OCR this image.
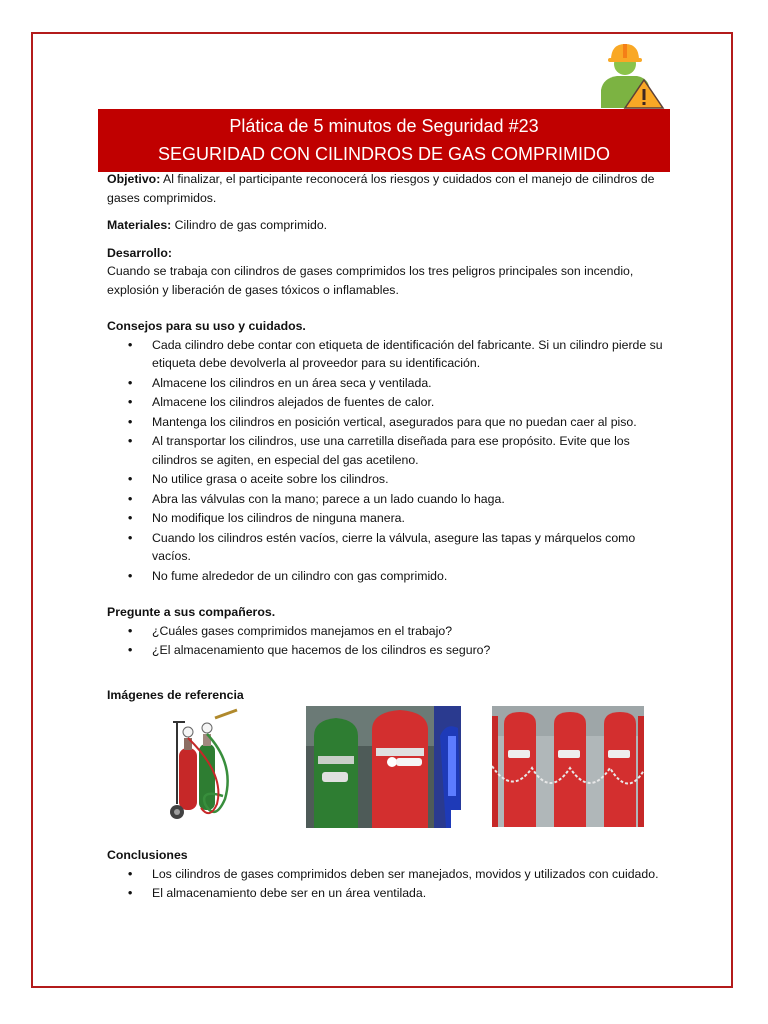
Plática de 5 minutos de Seguridad #23
SEGURIDAD CON CILINDROS DE GAS COMPRIMIDO

Objetivo: Al finalizar, el participante reconocerá los riesgos y cuidados con el manejo de cilindros de gases comprimidos.

Materiales: Cilindro de gas comprimido.

Desarrollo:

Cuando se trabaja con cilindros de gases comprimidos los tres peligros principales son incendio, explosión y liberación de gases tóxicos o inflamables.

Consejos para su uso y cuidados.

• Cada cilindro debe contar con etiqueta de identificación del fabricante. Si un cilindro pierde su etiqueta debe devolverla al proveedor para su identificación.
• Almacene los cilindros en un área seca y ventilada.
• Almacene los cilindros alejados de fuentes de calor.
• Mantenga los cilindros en posición vertical, asegurados para que no puedan caer al piso.
• Al transportar los cilindros, use una carretilla diseñada para ese propósito. Evite que los cilindros se agiten, en especial del gas acetileno.
• No utilice grasa o aceite sobre los cilindros.
• Abra las válvulas con la mano; parece a un lado cuando lo haga.
• No modifique los cilindros de ninguna manera.
• Cuando los cilindros estén vacíos, cierre la válvula, asegure las tapas y márquelos como vacíos.
• No fume alrededor de un cilindro con gas comprimido.

Pregunte a sus compañeros.

• ¿Cuáles gases comprimidos manejamos en el trabajo?
• ¿El almacenamiento que hacemos de los cilindros es seguro?
Imágenes de referencia

Conclusiones

• Los cilindros de gases comprimidos deben ser manejados, movidos y utilizados con cuidado.
• El almacenamiento debe ser en un área ventilada.
